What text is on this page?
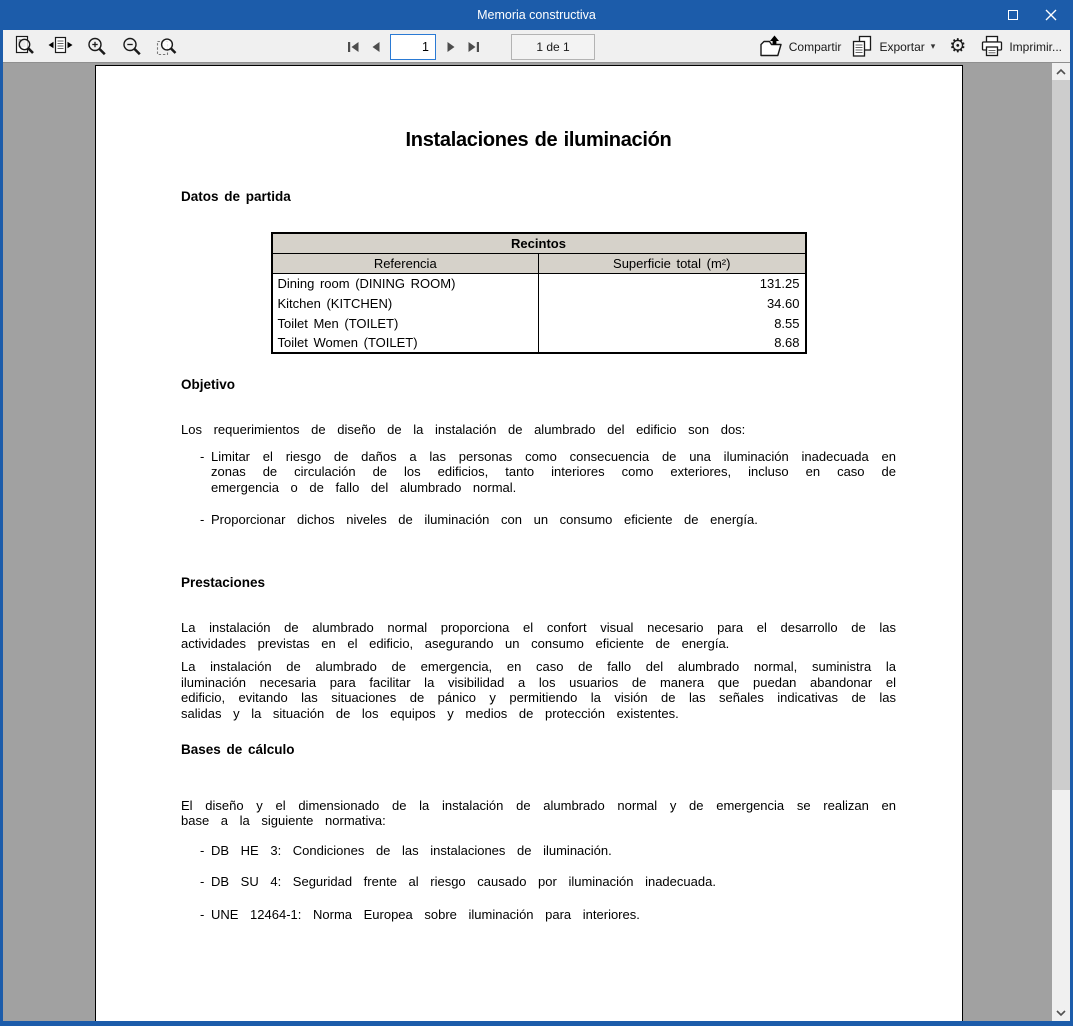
Memoria constructiva
1
1 de 1	Compartir	Exportar ▾ ⚙	Imprimir...
Instalaciones de iluminación
Datos de partida
Recintos	
Referencia	Superficie total (m²)
Dining room (DINING ROOM)	131.25
Kitchen (KITCHEN)	34.60
Toilet Men (TOILET)	8.55
Toilet Women (TOILET)	8.68
Objetivo
Los requerimientos de diseño de la instalación de alumbrado del edificio son dos:
- Limitar el riesgo de daños a las personas como consecuencia de una iluminación inadecuada en zonas de circulación de los edificios, tanto interiores como exteriores, incluso en caso de emergencia o de fallo del alumbrado normal.
- Proporcionar dichos niveles de iluminación con un consumo eficiente de energía.
Prestaciones
La instalación de alumbrado normal proporciona el confort visual necesario para el desarrollo de las actividades previstas en el edificio, asegurando un consumo eficiente de energía.
La instalación de alumbrado de emergencia, en caso de fallo del alumbrado normal, suministra la iluminación necesaria para facilitar la visibilidad a los usuarios de manera que puedan abandonar el edificio, evitando las situaciones de pánico y permitiendo la visión de las señales indicativas de las salidas y la situación de los equipos y medios de protección existentes.
Bases de cálculo
El diseño y el dimensionado de la instalación de alumbrado normal y de emergencia se realizan en base a la siguiente normativa:
- DB HE 3: Condiciones de las instalaciones de iluminación.
- DB SU 4: Seguridad frente al riesgo causado por iluminación inadecuada.
- UNE 12464-1: Norma Europea sobre iluminación para interiores.
